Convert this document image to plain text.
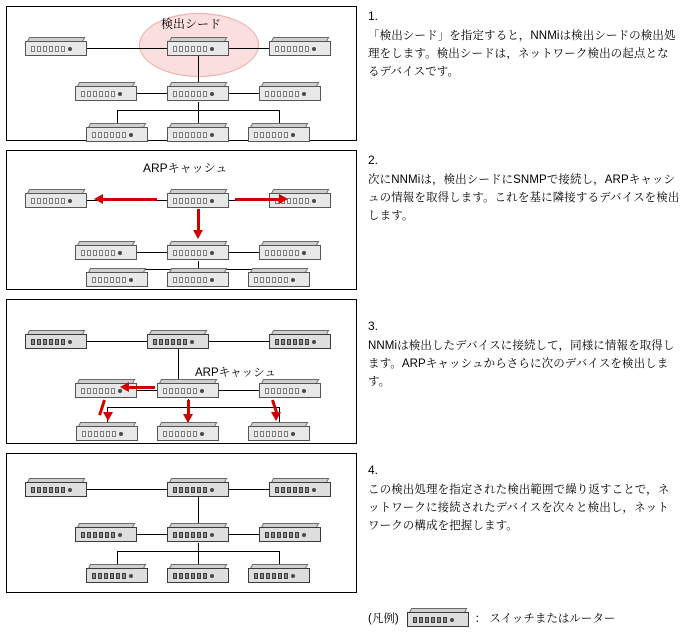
検出シード
ARPキャッシュ
ARPキャッシュ
1.
「検出シード」を指定すると，NNMiは検出シードの検出処理をします。検出シードは，ネットワーク検出の起点となるデバイスです。
2.
次にNNMiは，検出シードにSNMPで接続し，ARPキャッシュの情報を取得します。これを基に隣接するデバイスを検出します。
3.
NNMiは検出したデバイスに接続して，同様に情報を取得します。ARPキャッシュからさらに次のデバイスを検出します。
4.
この検出処理を指定された検出範囲で繰り返すことで，ネットワークに接続されたデバイスを次々と検出し，ネットワークの構成を把握します。
(凡例)	： スイッチまたはルーター
